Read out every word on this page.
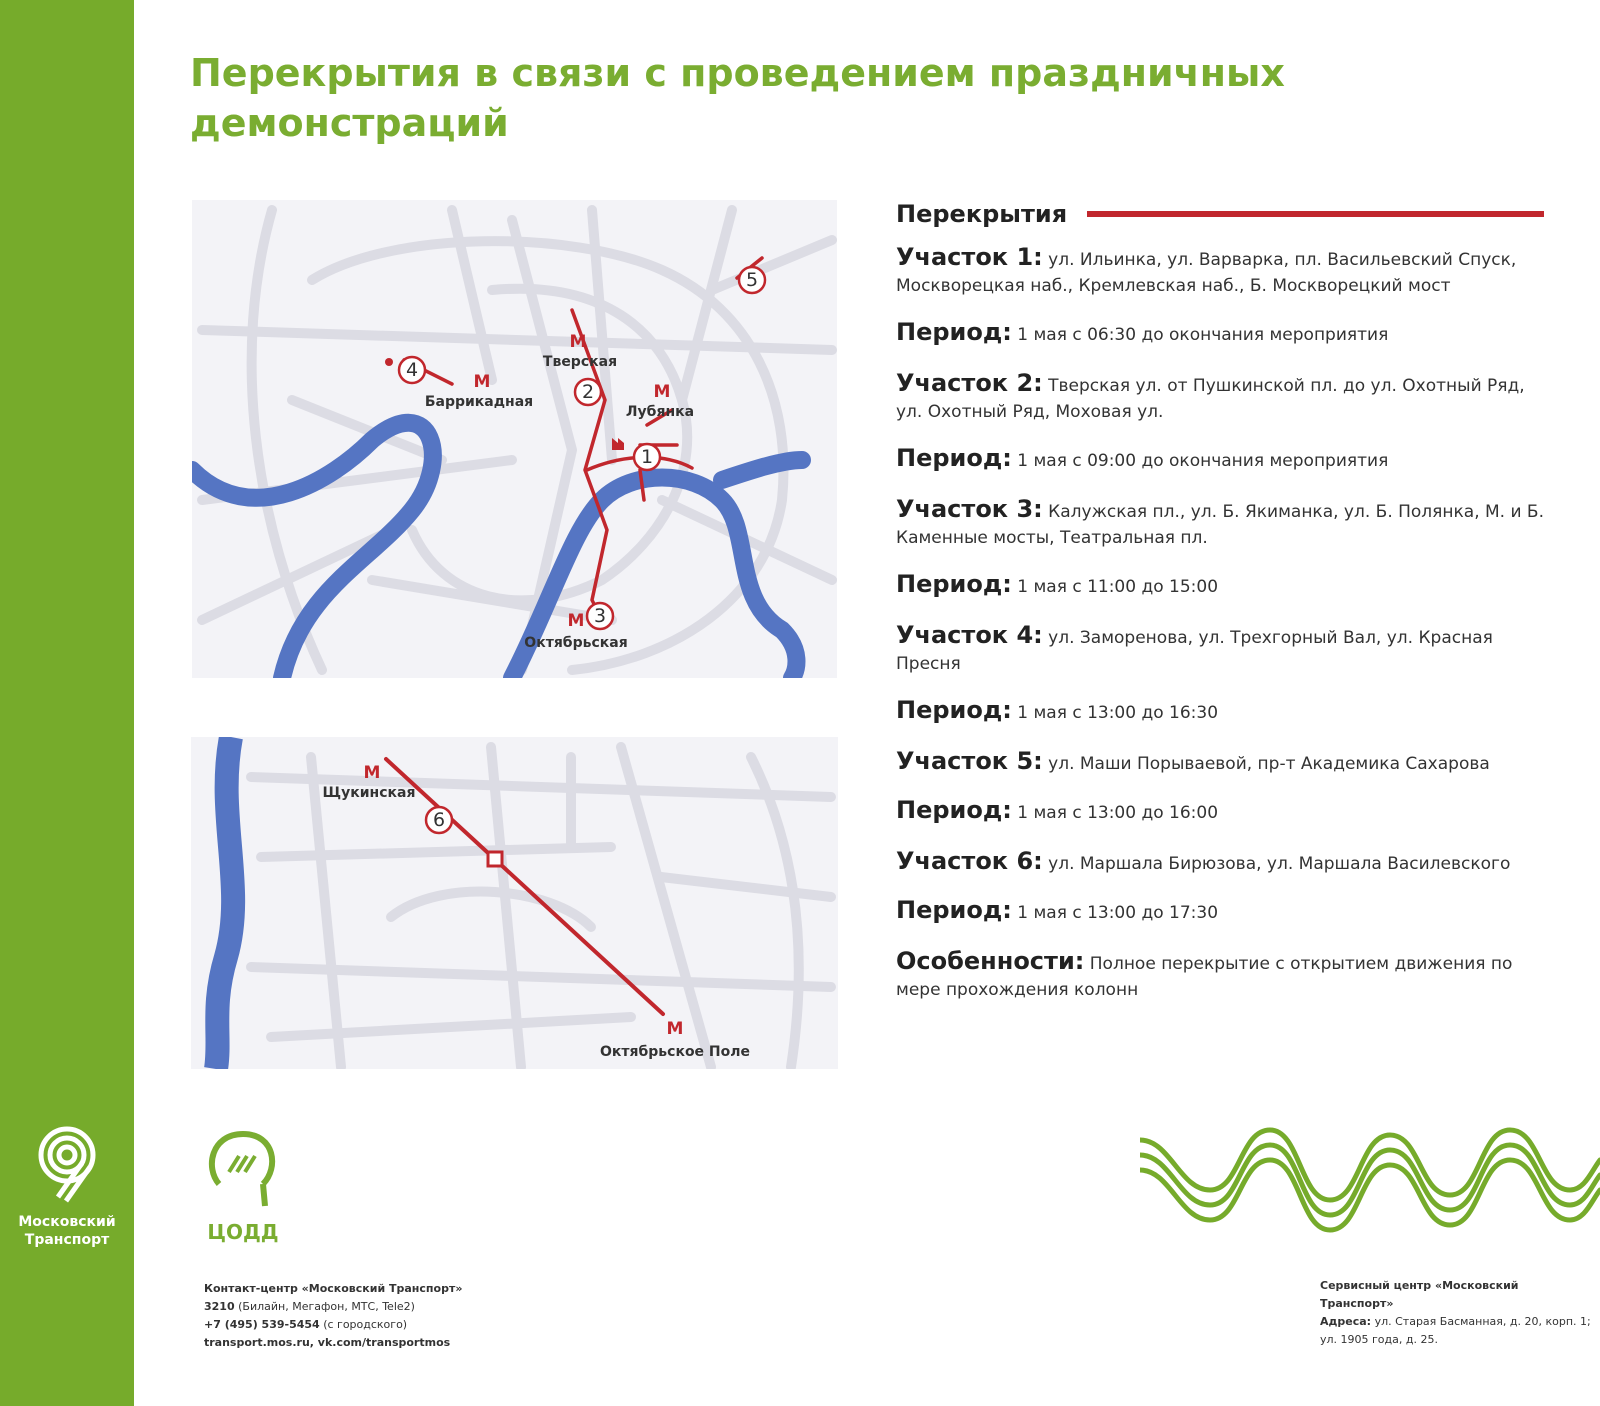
Московский
Транспорт
Перекрытия в связи с проведением праздничных демонстраций
1
2
3
4
5
М
Тверская
М
Лубянка
М
Баррикадная
М
Октябрьская
6
М
Щукинская
М
Октябрьское Поле
Перекрытия
Участок 1: ул. Ильинка, ул. Варварка, пл. Васильевский Спуск, Москворецкая наб., Кремлевская наб., Б. Москворецкий мост
Период: 1 мая с 06:30 до окончания мероприятия
Участок 2: Тверская ул. от Пушкинской пл. до ул. Охотный Ряд, ул. Охотный Ряд, Моховая ул.
Период: 1 мая с 09:00 до окончания мероприятия
Участок 3: Калужская пл., ул. Б. Якиманка, ул. Б. Полянка, М. и Б. Каменные мосты, Театральная пл.
Период: 1 мая с 11:00 до 15:00
Участок 4: ул. Заморенова, ул. Трехгорный Вал, ул. Красная Пресня
Период: 1 мая с 13:00 до 16:30
Участок 5: ул. Маши Порываевой, пр-т Академика Сахарова
Период: 1 мая с 13:00 до 16:00
Участок 6: ул. Маршала Бирюзова, ул. Маршала Василевского
Период: 1 мая с 13:00 до 17:30
Особенности: Полное перекрытие с открытием движения по мере прохождения колонн
ЦОДД
Контакт-центр «Московский Транспорт»
3210 (Билайн, Мегафон, МТС, Tele2)
+7 (495) 539-5454 (с городского)
transport.mos.ru, vk.com/transportmos
Сервисный центр «Московский Транспорт»
Адреса: ул. Старая Басманная, д. 20, корп. 1;
ул. 1905 года, д. 25.
